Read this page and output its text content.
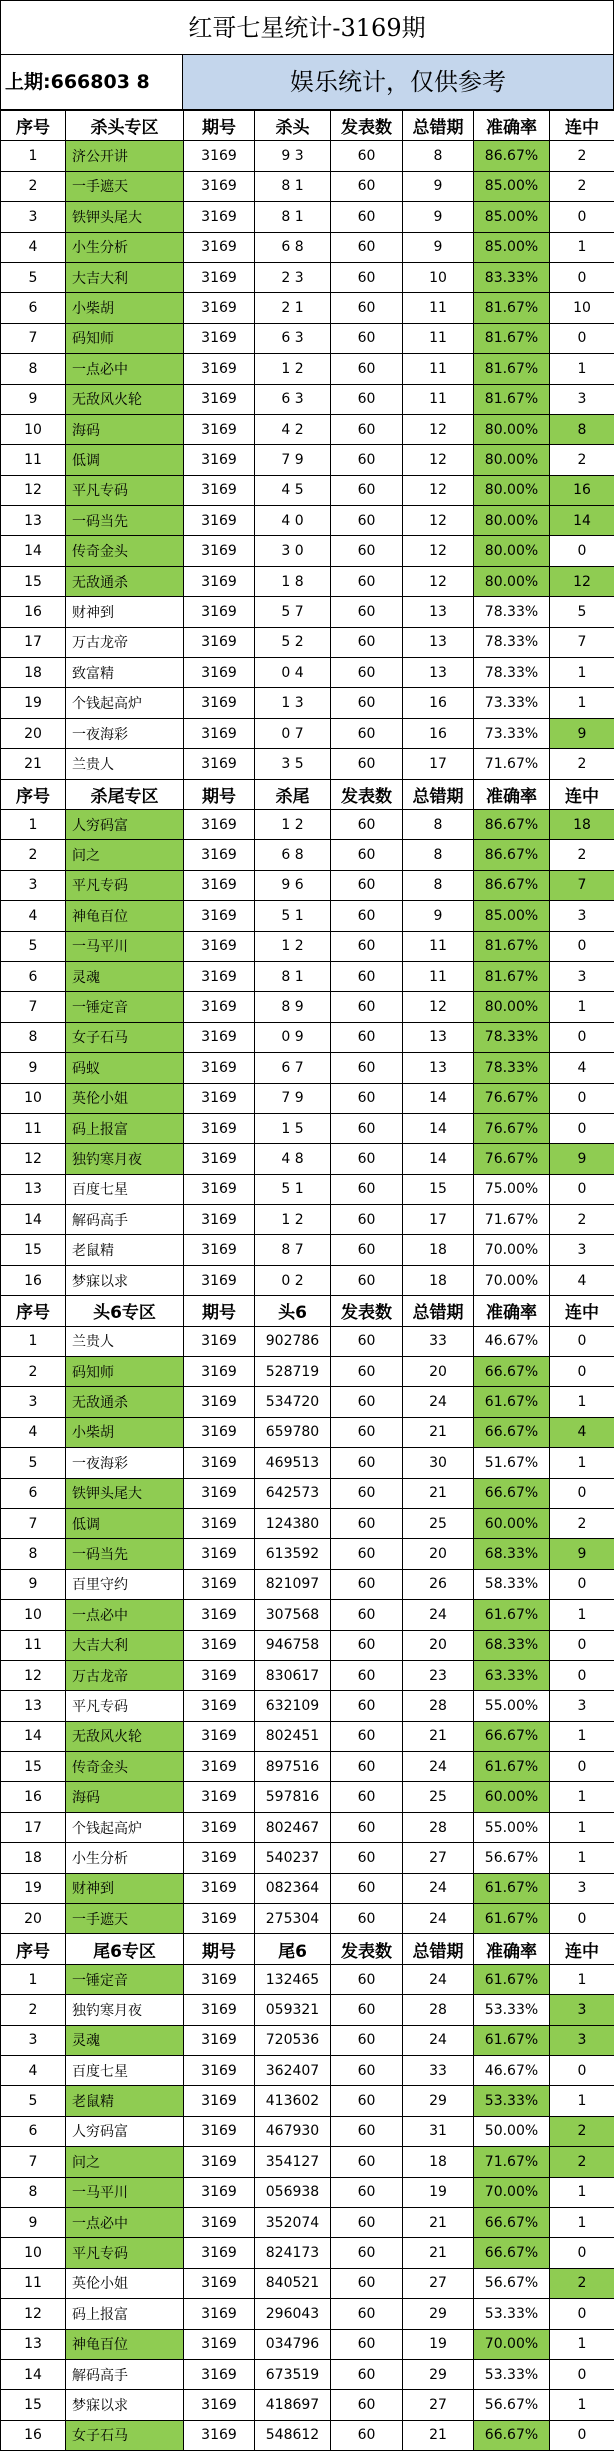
红哥七星统计-3169期
上期:666803 8	娱乐统计，仅供参考
序号	杀头专区	期号	杀头	发表数	总错期	准确率	连中
1	济公开讲	3169	9 3	60	8	86.67%	2
2	一手遮天	3169	8 1	60	9	85.00%	2
3	铁钾头尾大	3169	8 1	60	9	85.00%	0
4	小生分析	3169	6 8	60	9	85.00%	1
5	大吉大利	3169	2 3	60	10	83.33%	0
6	小柴胡	3169	2 1	60	11	81.67%	10
7	码知师	3169	6 3	60	11	81.67%	0
8	一点必中	3169	1 2	60	11	81.67%	1
9	无敌风火轮	3169	6 3	60	11	81.67%	3
10	海码	3169	4 2	60	12	80.00%	8
11	低调	3169	7 9	60	12	80.00%	2
12	平凡专码	3169	4 5	60	12	80.00%	16
13	一码当先	3169	4 0	60	12	80.00%	14
14	传奇金头	3169	3 0	60	12	80.00%	0
15	无敌通杀	3169	1 8	60	12	80.00%	12
16	财神到	3169	5 7	60	13	78.33%	5
17	万古龙帝	3169	5 2	60	13	78.33%	7
18	致富精	3169	0 4	60	13	78.33%	1
19	个钱起高炉	3169	1 3	60	16	73.33%	1
20	一夜海彩	3169	0 7	60	16	73.33%	9
21	兰贵人	3169	3 5	60	17	71.67%	2
序号	杀尾专区	期号	杀尾	发表数	总错期	准确率	连中
1	人穷码富	3169	1 2	60	8	86.67%	18
2	问之	3169	6 8	60	8	86.67%	2
3	平凡专码	3169	9 6	60	8	86.67%	7
4	神龟百位	3169	5 1	60	9	85.00%	3
5	一马平川	3169	1 2	60	11	81.67%	0
6	灵魂	3169	8 1	60	11	81.67%	3
7	一锤定音	3169	8 9	60	12	80.00%	1
8	女子石马	3169	0 9	60	13	78.33%	0
9	码蚁	3169	6 7	60	13	78.33%	4
10	英伦小姐	3169	7 9	60	14	76.67%	0
11	码上报富	3169	1 5	60	14	76.67%	0
12	独钓寒月夜	3169	4 8	60	14	76.67%	9
13	百度七星	3169	5 1	60	15	75.00%	0
14	解码高手	3169	1 2	60	17	71.67%	2
15	老鼠精	3169	8 7	60	18	70.00%	3
16	梦寐以求	3169	0 2	60	18	70.00%	4
序号	头6专区	期号	头6	发表数	总错期	准确率	连中
1	兰贵人	3169	902786	60	33	46.67%	0
2	码知师	3169	528719	60	20	66.67%	0
3	无敌通杀	3169	534720	60	24	61.67%	1
4	小柴胡	3169	659780	60	21	66.67%	4
5	一夜海彩	3169	469513	60	30	51.67%	1
6	铁钾头尾大	3169	642573	60	21	66.67%	0
7	低调	3169	124380	60	25	60.00%	2
8	一码当先	3169	613592	60	20	68.33%	9
9	百里守约	3169	821097	60	26	58.33%	0
10	一点必中	3169	307568	60	24	61.67%	1
11	大吉大利	3169	946758	60	20	68.33%	0
12	万古龙帝	3169	830617	60	23	63.33%	0
13	平凡专码	3169	632109	60	28	55.00%	3
14	无敌风火轮	3169	802451	60	21	66.67%	1
15	传奇金头	3169	897516	60	24	61.67%	0
16	海码	3169	597816	60	25	60.00%	1
17	个钱起高炉	3169	802467	60	28	55.00%	1
18	小生分析	3169	540237	60	27	56.67%	1
19	财神到	3169	082364	60	24	61.67%	3
20	一手遮天	3169	275304	60	24	61.67%	0
序号	尾6专区	期号	尾6	发表数	总错期	准确率	连中
1	一锤定音	3169	132465	60	24	61.67%	1
2	独钓寒月夜	3169	059321	60	28	53.33%	3
3	灵魂	3169	720536	60	24	61.67%	3
4	百度七星	3169	362407	60	33	46.67%	0
5	老鼠精	3169	413602	60	29	53.33%	1
6	人穷码富	3169	467930	60	31	50.00%	2
7	问之	3169	354127	60	18	71.67%	2
8	一马平川	3169	056938	60	19	70.00%	1
9	一点必中	3169	352074	60	21	66.67%	1
10	平凡专码	3169	824173	60	21	66.67%	0
11	英伦小姐	3169	840521	60	27	56.67%	2
12	码上报富	3169	296043	60	29	53.33%	0
13	神龟百位	3169	034796	60	19	70.00%	1
14	解码高手	3169	673519	60	29	53.33%	0
15	梦寐以求	3169	418697	60	27	56.67%	1
16	女子石马	3169	548612	60	21	66.67%	0
